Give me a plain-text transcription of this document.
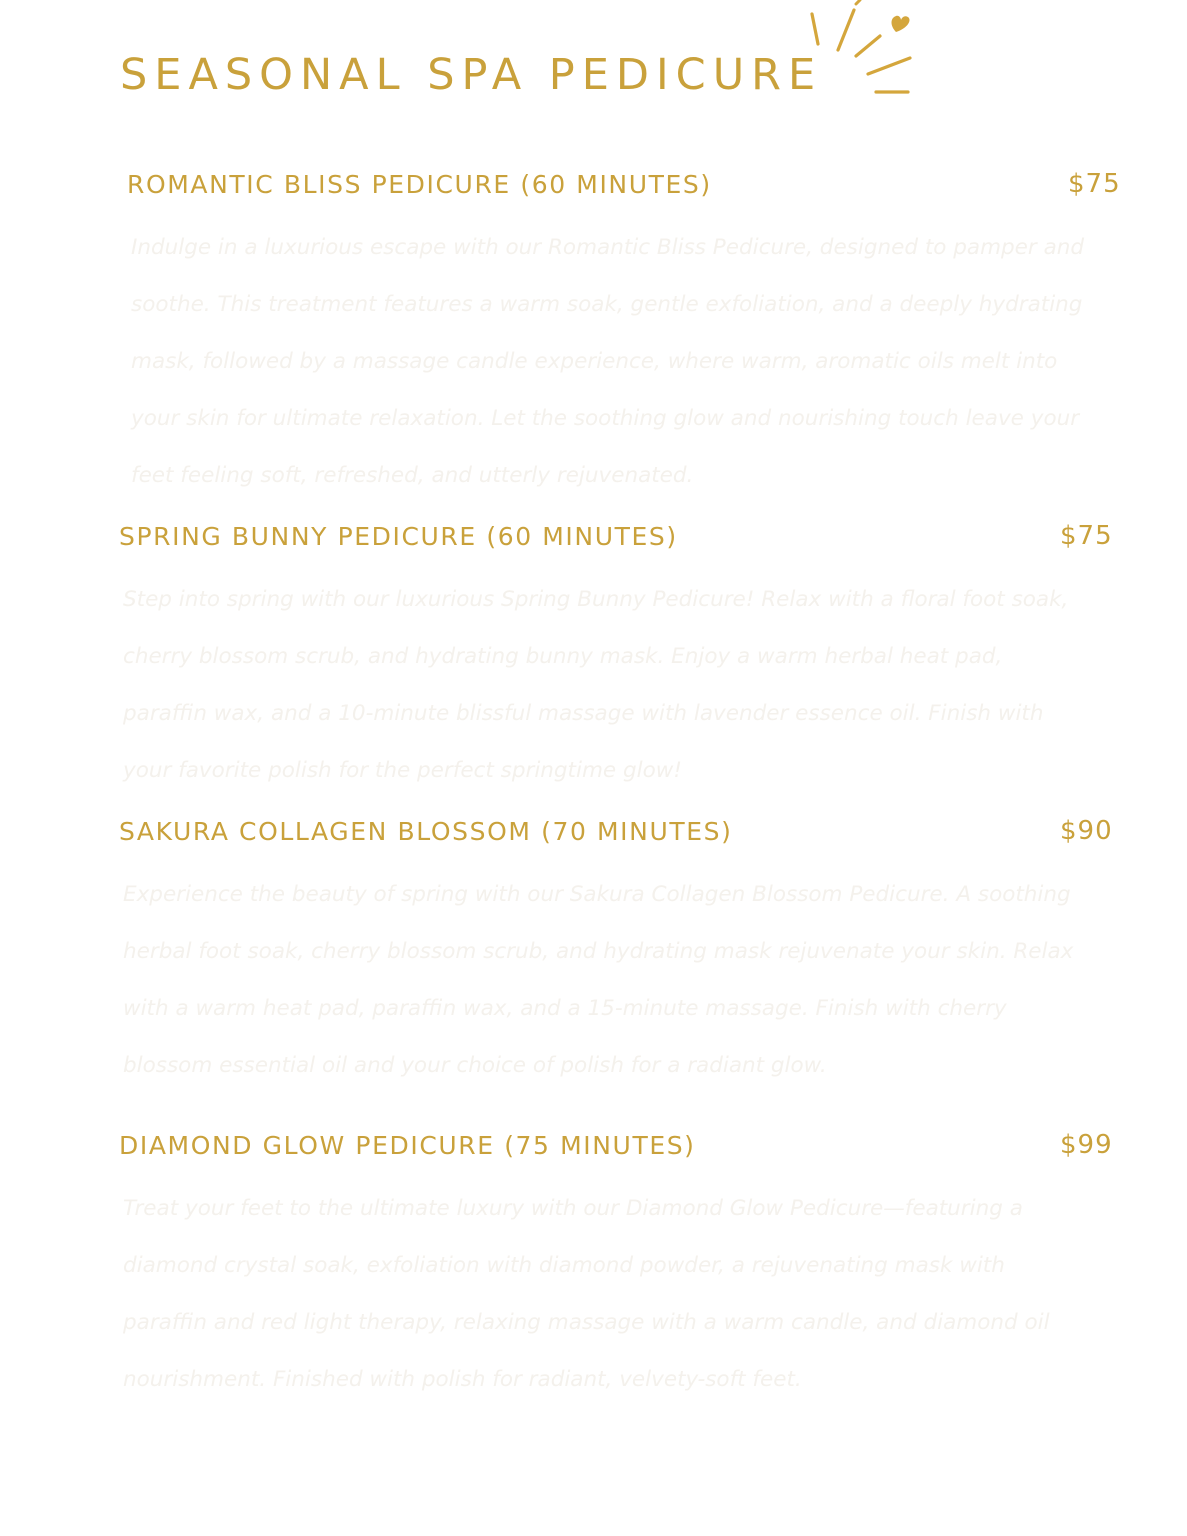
SEASONAL SPA PEDICURE
ROMANTIC BLISS PEDICURE (60 MINUTES)	$75

Indulge in a luxurious escape with our Romantic Bliss Pedicure, designed to pamper and soothe. This treatment features a warm soak, gentle exfoliation, and a deeply hydrating mask, followed by a massage candle experience, where warm, aromatic oils melt into your skin for ultimate relaxation. Let the soothing glow and nourishing touch leave your feet feeling soft, refreshed, and utterly rejuvenated.

SPRING BUNNY PEDICURE (60 MINUTES)	$75

Step into spring with our luxurious Spring Bunny Pedicure! Relax with a floral foot soak, cherry blossom scrub, and hydrating bunny mask. Enjoy a warm herbal heat pad, paraffin wax, and a 10-minute blissful massage with lavender essence oil. Finish with your favorite polish for the perfect springtime glow!

SAKURA COLLAGEN BLOSSOM (70 MINUTES)	$90

Experience the beauty of spring with our Sakura Collagen Blossom Pedicure. A soothing herbal foot soak, cherry blossom scrub, and hydrating mask rejuvenate your skin. Relax with a warm heat pad, paraffin wax, and a 15-minute massage. Finish with cherry blossom essential oil and your choice of polish for a radiant glow.

DIAMOND GLOW PEDICURE (75 MINUTES)	$99

Treat your feet to the ultimate luxury with our Diamond Glow Pedicure—featuring a diamond crystal soak, exfoliation with diamond powder, a rejuvenating mask with paraffin and red light therapy, relaxing massage with a warm candle, and diamond oil nourishment. Finished with polish for radiant, velvety-soft feet.
